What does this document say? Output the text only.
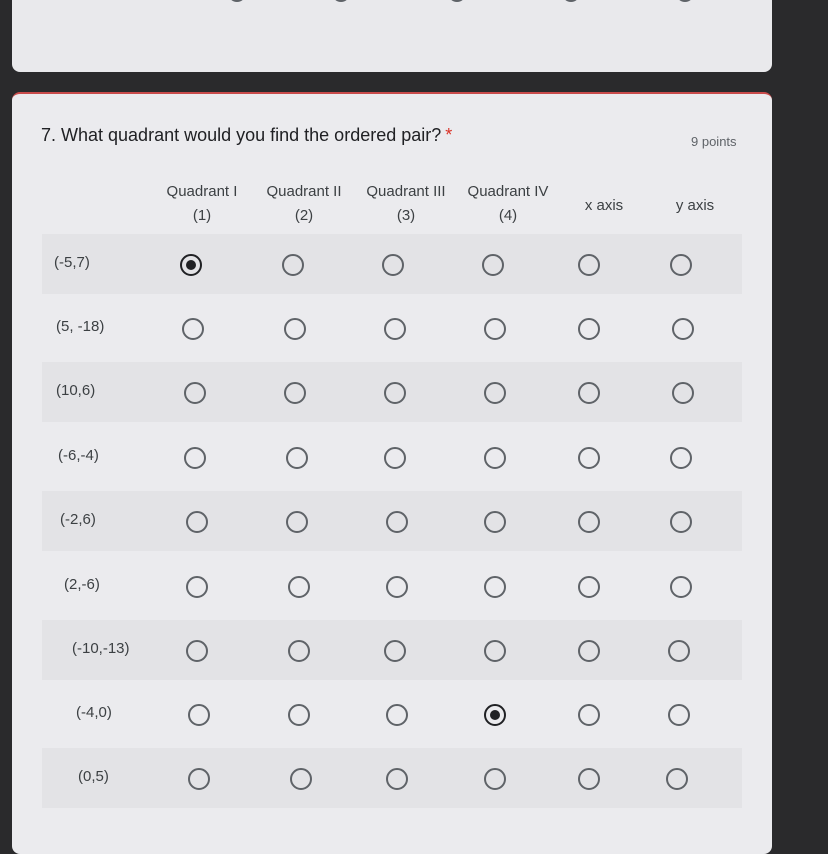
7. What quadrant would you find the ordered pair? *	9 points
Quadrant I
(1)
Quadrant II
(2)
Quadrant III
(3)
Quadrant IV
(4)
x axis	y axis
(-5,7)
(5, -18)
(10,6)
(-6,-4)
(-2,6)
(2,-6)
(-10,-13)
(-4,0)
(0,5)
